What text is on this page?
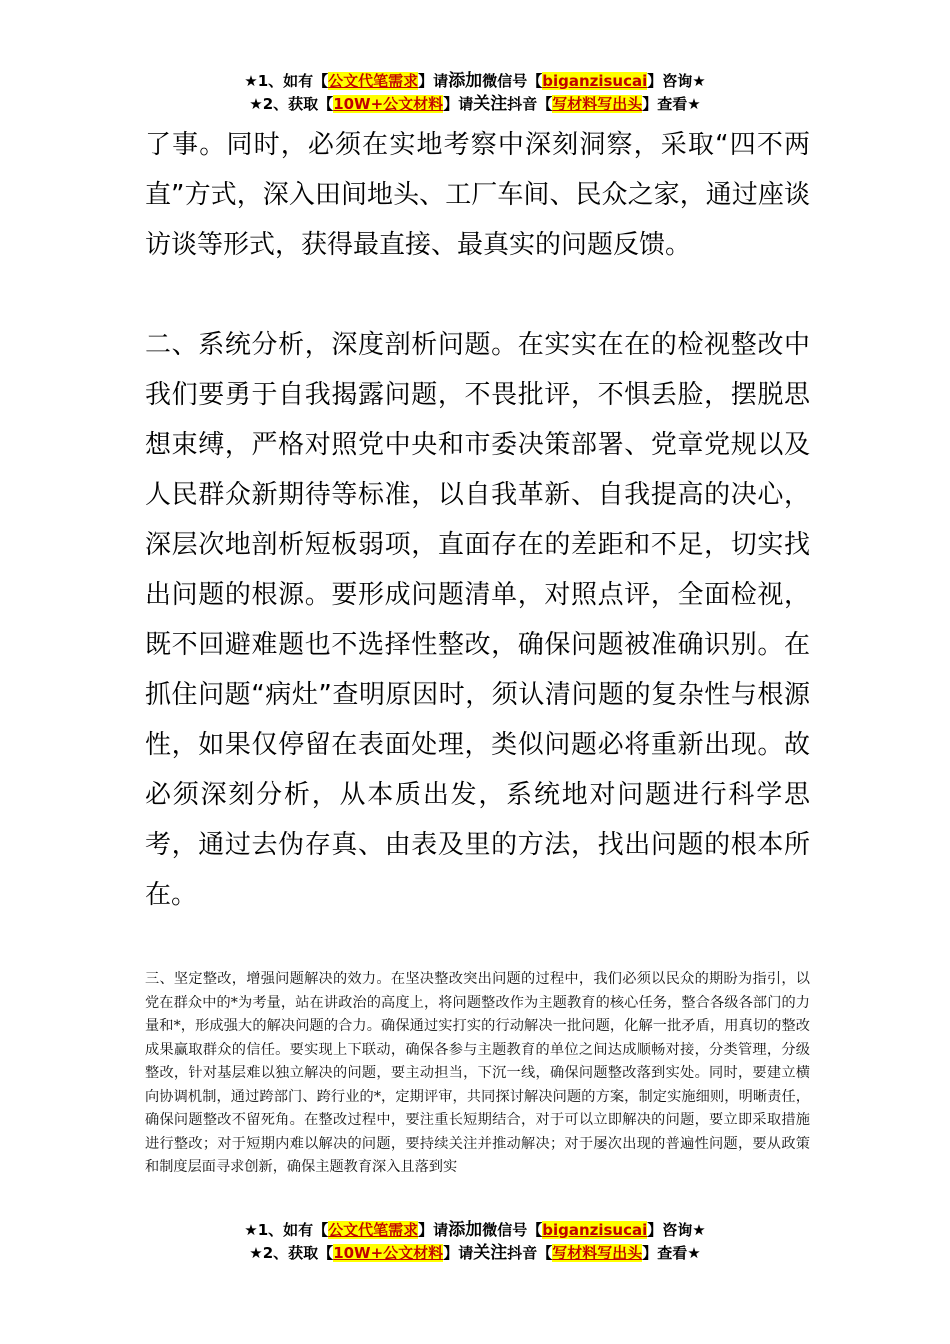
★1、如有【公文代笔需求】请添加微信号【biganzisucai】咨询★
★2、获取【10W+公文材料】请关注抖音【写材料写出头】查看★

了事。同时，必须在实地考察中深刻洞察，采取“四不两直”方式，深入田间地头、工厂车间、民众之家，通过座谈访谈等形式，获得最直接、最真实的问题反馈。

二、系统分析，深度剖析问题。在实实在在的检视整改中我们要勇于自我揭露问题，不畏批评，不惧丢脸，摆脱思想束缚，严格对照党中央和市委决策部署、党章党规以及人民群众新期待等标准，以自我革新、自我提高的决心，深层次地剖析短板弱项，直面存在的差距和不足，切实找出问题的根源。要形成问题清单，对照点评，全面检视，既不回避难题也不选择性整改，确保问题被准确识别。在抓住问题“病灶”查明原因时，须认清问题的复杂性与根源性，如果仅停留在表面处理，类似问题必将重新出现。故必须深刻分析，从本质出发，系统地对问题进行科学思考，通过去伪存真、由表及里的方法，找出问题的根本所在。

三、坚定整改，增强问题解决的效力。在坚决整改突出问题的过程中，我们必须以民众的期盼为指引，以党在群众中的*为考量，站在讲政治的高度上，将问题整改作为主题教育的核心任务，整合各级各部门的力量和*，形成强大的解决问题的合力。确保通过实打实的行动解决一批问题，化解一批矛盾，用真切的整改成果赢取群众的信任。要实现上下联动，确保各参与主题教育的单位之间达成顺畅对接，分类管理，分级整改，针对基层难以独立解决的问题，要主动担当，下沉一线，确保问题整改落到实处。同时，要建立横向协调机制，通过跨部门、跨行业的*，定期评审，共同探讨解决问题的方案，制定实施细则，明晰责任，确保问题整改不留死角。在整改过程中，要注重长短期结合，对于可以立即解决的问题，要立即采取措施进行整改；对于短期内难以解决的问题，要持续关注并推动解决；对于屡次出现的普遍性问题，要从政策和制度层面寻求创新，确保主题教育深入且落到实

★1、如有【公文代笔需求】请添加微信号【biganzisucai】咨询★
★2、获取【10W+公文材料】请关注抖音【写材料写出头】查看★
